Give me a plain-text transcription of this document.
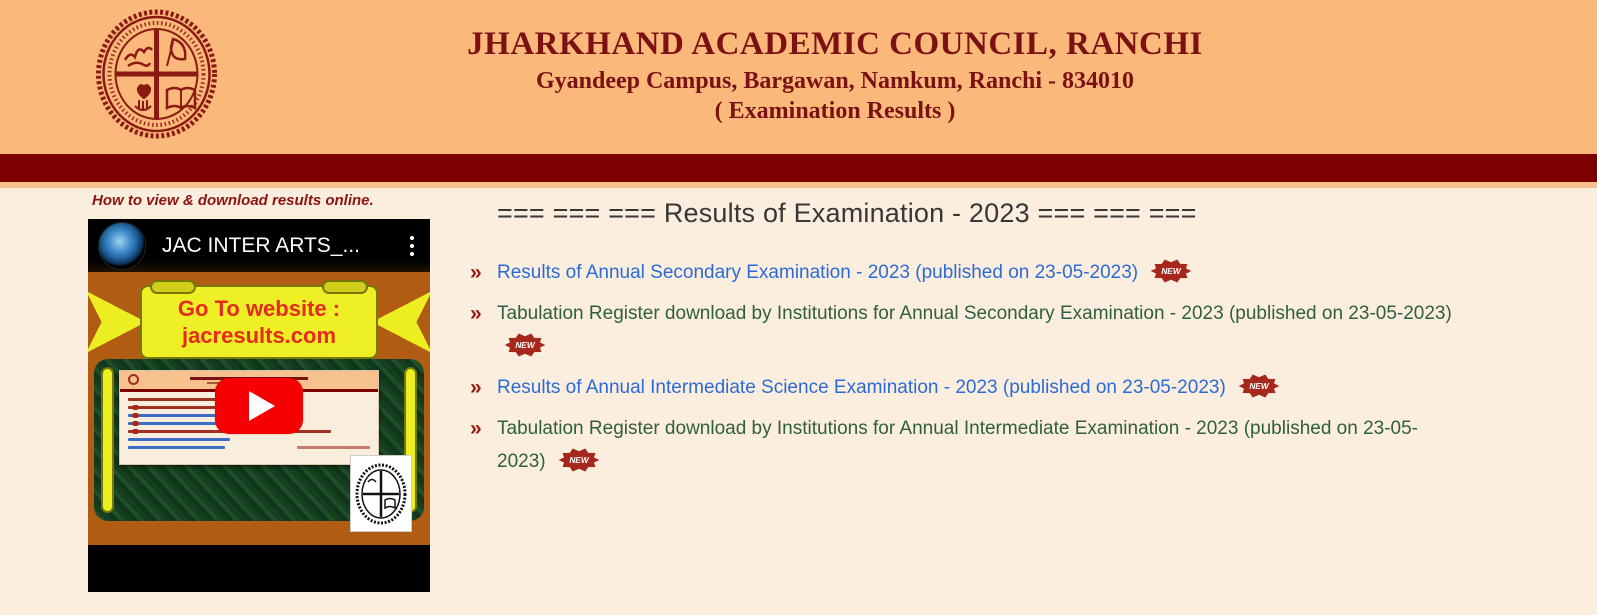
JHARKHAND ACADEMIC COUNCIL, RANCHI
Gyandeep Campus, Bargawan, Namkum, Ranchi - 834010
( Examination Results )
How to view & download results online.
JAC INTER ARTS_...
Go To website :
jacresults.com
=== === === Results of Examination - 2023 === === ===
» Results of Annual Secondary Examination - 2023 (published on 23-05-2023)	NEW
» Tabulation Register download by Institutions for Annual Secondary Examination - 2023 (published on 23-05-2023)
NEW
» Results of Annual Intermediate Science Examination - 2023 (published on 23-05-2023)	NEW
» Tabulation Register download by Institutions for Annual Intermediate Examination - 2023 (published on 23-05-2023)	NEW
